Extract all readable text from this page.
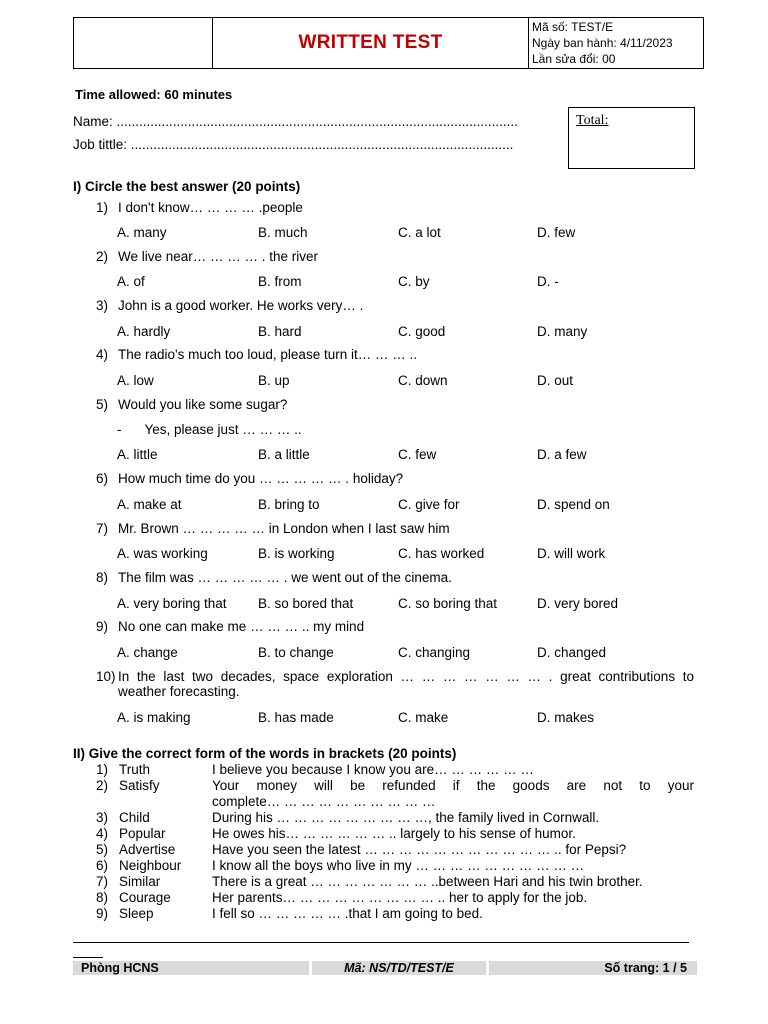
WRITTEN TEST
Mã số: TEST/E
Ngày ban hành: 4/11/2023
Lần sửa đổi: 00
Time allowed: 60 minutes
Name: ...........................................................................................................
Job tittle: ......................................................................................................
Total:
I) Circle the best answer (20 points)
1) I don't know… … … … .people
A. many	B. much	C. a lot	D. few
2) We live near… … … … . the river
A. of	B. from	C. by	D. -
3) John is a good worker. He works very… .
A. hardly	B. hard	C. good	D. many
4) The radio's much too loud, please turn it… … … ..
A. low	B. up	C. down	D. out
5) Would you like some sugar?
- Yes, please just … … … ..
A. little	B. a little	C. few	D. a few
6) How much time do you … … … … … . holiday?
A. make at	B. bring to	C. give for	D. spend on
7) Mr. Brown … … … … … in London when I last saw him
A. was working	B. is working	C. has worked	D. will work
8) The film was … … … … … . we went out of the cinema.
A. very boring that B. so bored that	C. so boring that	D. very bored
9) No one can make me … … … .. my mind
A. change	B. to change	C. changing	D. changed
10) In the last two decades, space exploration … … … … … … … . great contributions to
weather forecasting.
A. is making	B. has made	C. make	D. makes
II) Give the correct form of the words in brackets (20 points)
1) Truth	I believe you because I know you are… … … … … …
2) Satisfy	Your money will be refunded if the goods are not to your
complete… … … … … … … … … …
3) Child	During his … … … … … … … … …, the family lived in Cornwall.
4) Popular	He owes his… … … … … … .. largely to his sense of humor.
5) Advertise	Have you seen the latest … … … … … … … … … … … .. for Pepsi?
6) Neighbour I know all the boys who live in my … … … … … … … … … …
7) Similar	There is a great … … … … … … … ..between Hari and his twin brother.
8) Courage	Her parents… … … … … … … … … .. her to apply for the job.
9) Sleep	I fell so … … … … … .that I am going to bed.
Phòng HCNS	Mã: NS/TD/TEST/E	Số trang: 1 / 5
